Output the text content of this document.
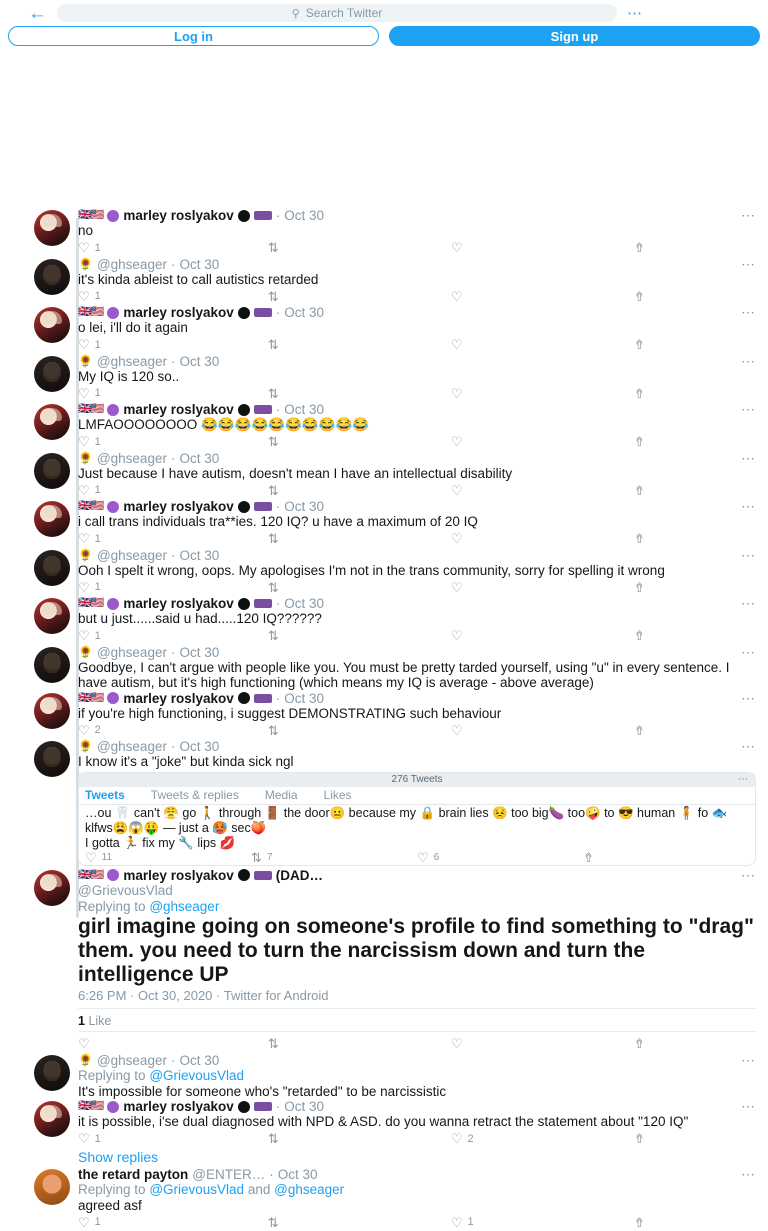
←	⚲ Search Twitter	⋯
Log in	Sign up
🇬🇧🇺🇸 marley roslyakov	· Oct 30	⋯
no
♡︎ 1	⇅	♡	⇮
🌻 @ghseager · Oct 30	⋯
it's kinda ableist to call autistics retarded
♡︎ 1	⇅	♡	⇮
🇬🇧🇺🇸 marley roslyakov	· Oct 30	⋯
o lei, i'll do it again
♡︎ 1	⇅	♡	⇮
🌻 @ghseager · Oct 30	⋯
My IQ is 120 so..
♡︎ 1	⇅	♡	⇮
🇬🇧🇺🇸 marley roslyakov	· Oct 30	⋯
LMFAOOOOOOOO 😂😂😂😂😂😂😂😂😂😂
♡︎ 1	⇅	♡	⇮
🌻 @ghseager · Oct 30	⋯
Just because I have autism, doesn't mean I have an intellectual disability
♡︎ 1	⇅	♡	⇮
🇬🇧🇺🇸 marley roslyakov	· Oct 30	⋯
i call trans individuals tra**ies. 120 IQ? u have a maximum of 20 IQ
♡︎ 1	⇅	♡	⇮
🌻 @ghseager · Oct 30	⋯
Ooh I spelt it wrong, oops. My apologises I'm not in the trans community, sorry for spelling it wrong
♡︎ 1	⇅	♡	⇮
🇬🇧🇺🇸 marley roslyakov	· Oct 30	⋯
but u just......said u had.....120 IQ??????
♡︎ 1	⇅	♡	⇮
🌻 @ghseager · Oct 30	⋯
Goodbye, I can't argue with people like you. You must be pretty tarded yourself, using "u" in every sentence. I have autism, but it's high functioning (which means my IQ is average - above average)
🇬🇧🇺🇸 marley roslyakov	· Oct 30	⋯
if you're high functioning, i suggest DEMONSTRATING such behaviour
♡︎ 2	⇅	♡	⇮
🌻 @ghseager · Oct 30	⋯
I know it's a "joke" but kinda sick ngl
276 Tweets	⋯
Tweets Tweets & replies Media Likes
…ou 🦷 can't 😤 go 🚶 through 🚪 the door😐 because my 🔒 brain lies 😣 too big🍆 too🤪 to 😎 human 🧍 fo 🐟 klfws😩😱🤑 — just a 🥵 sec🍑
I gotta 🏃 fix my 🔧 lips 💋
♡︎ 11	⇅ 7	♡ 6	⇮
🇬🇧🇺🇸 marley roslyakov	(DAD…	⋯
@GrievousVlad
Replying to @ghseager
girl imagine going on someone's profile to find something to "drag" them. you need to turn the narcissism down and turn the intelligence UP
6:26 PM · Oct 30, 2020 · Twitter for Android
1 Like
♡︎	⇅	♡	⇮
🌻 @ghseager · Oct 30	⋯
Replying to @GrievousVlad
It's impossible for someone who's "retarded" to be narcissistic
🇬🇧🇺🇸 marley roslyakov	· Oct 30	⋯
it is possible, i'se dual diagnosed with NPD & ASD. do you wanna retract the statement about "120 IQ"
♡︎ 1	⇅	♡ 2	⇮
Show replies
the retard payton @ENTER… · Oct 30	⋯
Replying to @GrievousVlad and @ghseager
agreed asf
♡︎ 1	⇅	♡ 1	⇮
